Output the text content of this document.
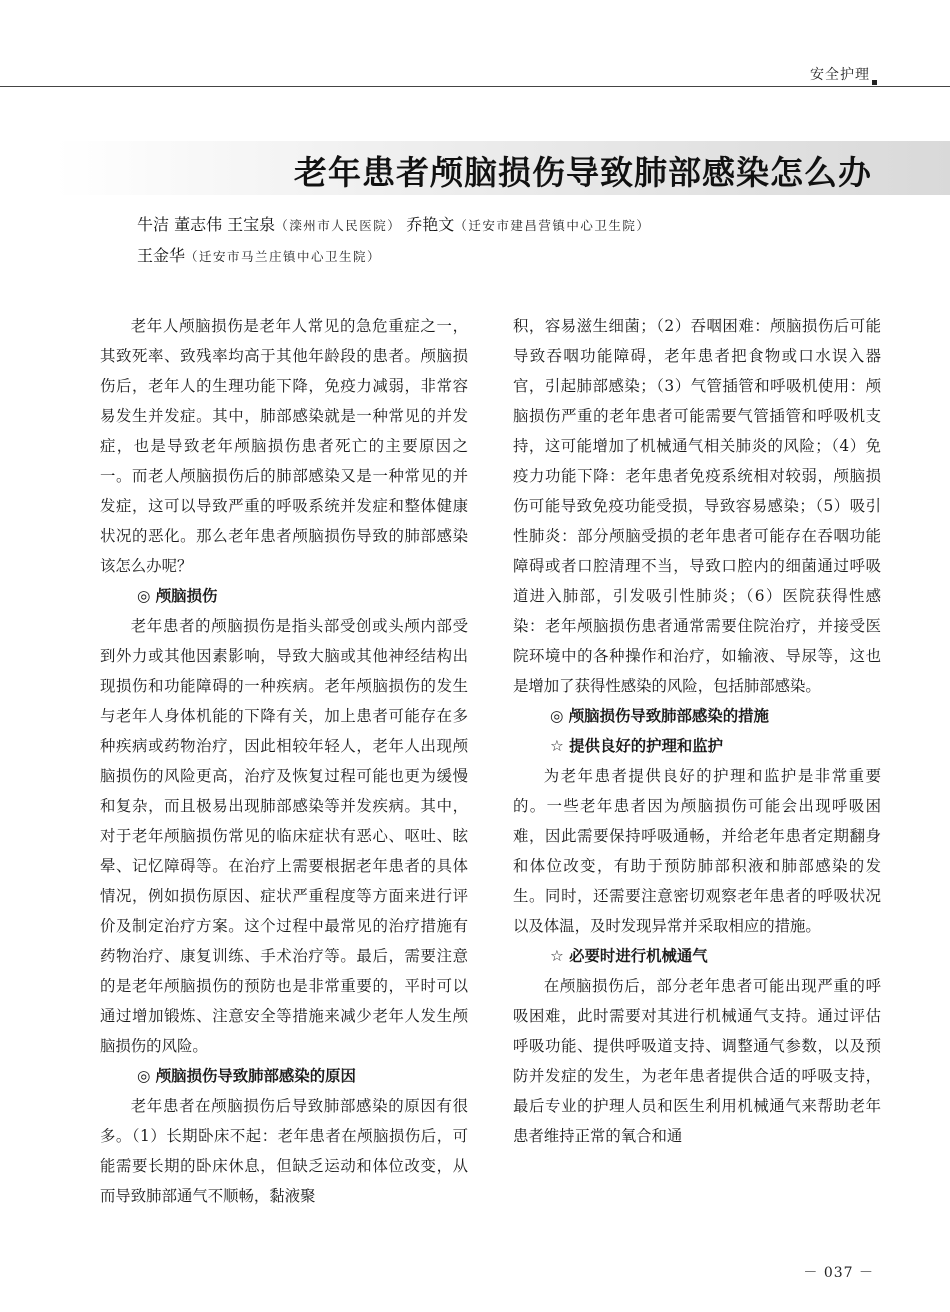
安全护理
老年患者颅脑损伤导致肺部感染怎么办
牛洁 董志伟 王宝泉（滦州市人民医院） 乔艳文（迁安市建昌营镇中心卫生院）
王金华（迁安市马兰庄镇中心卫生院）

老年人颅脑损伤是老年人常见的急危重症之一，其致死率、致残率均高于其他年龄段的患者。颅脑损伤后，老年人的生理功能下降，免疫力减弱，非常容易发生并发症。其中，肺部感染就是一种常见的并发症，也是导致老年颅脑损伤患者死亡的主要原因之一。而老人颅脑损伤后的肺部感染又是一种常见的并发症，这可以导致严重的呼吸系统并发症和整体健康状况的恶化。那么老年患者颅脑损伤导致的肺部感染该怎么办呢？

◎ 颅脑损伤

老年患者的颅脑损伤是指头部受创或头颅内部受到外力或其他因素影响，导致大脑或其他神经结构出现损伤和功能障碍的一种疾病。老年颅脑损伤的发生与老年人身体机能的下降有关，加上患者可能存在多种疾病或药物治疗，因此相较年轻人，老年人出现颅脑损伤的风险更高，治疗及恢复过程可能也更为缓慢和复杂，而且极易出现肺部感染等并发疾病。其中，对于老年颅脑损伤常见的临床症状有恶心、呕吐、眩晕、记忆障碍等。在治疗上需要根据老年患者的具体情况，例如损伤原因、症状严重程度等方面来进行评价及制定治疗方案。这个过程中最常见的治疗措施有药物治疗、康复训练、手术治疗等。最后，需要注意的是老年颅脑损伤的预防也是非常重要的，平时可以通过增加锻炼、注意安全等措施来减少老年人发生颅脑损伤的风险。

◎ 颅脑损伤导致肺部感染的原因

老年患者在颅脑损伤后导致肺部感染的原因有很多。（1）长期卧床不起：老年患者在颅脑损伤后，可能需要长期的卧床休息，但缺乏运动和体位改变，从而导致肺部通气不顺畅，黏液聚

积，容易滋生细菌；（2）吞咽困难：颅脑损伤后可能导致吞咽功能障碍，老年患者把食物或口水误入器官，引起肺部感染；（3）气管插管和呼吸机使用：颅脑损伤严重的老年患者可能需要气管插管和呼吸机支持，这可能增加了机械通气相关肺炎的风险；（4）免疫力功能下降：老年患者免疫系统相对较弱，颅脑损伤可能导致免疫功能受损，导致容易感染；（5）吸引性肺炎：部分颅脑受损的老年患者可能存在吞咽功能障碍或者口腔清理不当，导致口腔内的细菌通过呼吸道进入肺部，引发吸引性肺炎；（6）医院获得性感染：老年颅脑损伤患者通常需要住院治疗，并接受医院环境中的各种操作和治疗，如输液、导尿等，这也是增加了获得性感染的风险，包括肺部感染。

◎ 颅脑损伤导致肺部感染的措施
☆ 提供良好的护理和监护

为老年患者提供良好的护理和监护是非常重要的。一些老年患者因为颅脑损伤可能会出现呼吸困难，因此需要保持呼吸通畅，并给老年患者定期翻身和体位改变，有助于预防肺部积液和肺部感染的发生。同时，还需要注意密切观察老年患者的呼吸状况以及体温，及时发现异常并采取相应的措施。

☆ 必要时进行机械通气

在颅脑损伤后，部分老年患者可能出现严重的呼吸困难，此时需要对其进行机械通气支持。通过评估呼吸功能、提供呼吸道支持、调整通气参数，以及预防并发症的发生，为老年患者提供合适的呼吸支持，最后专业的护理人员和医生利用机械通气来帮助老年患者维持正常的氧合和通

－ 037 －
